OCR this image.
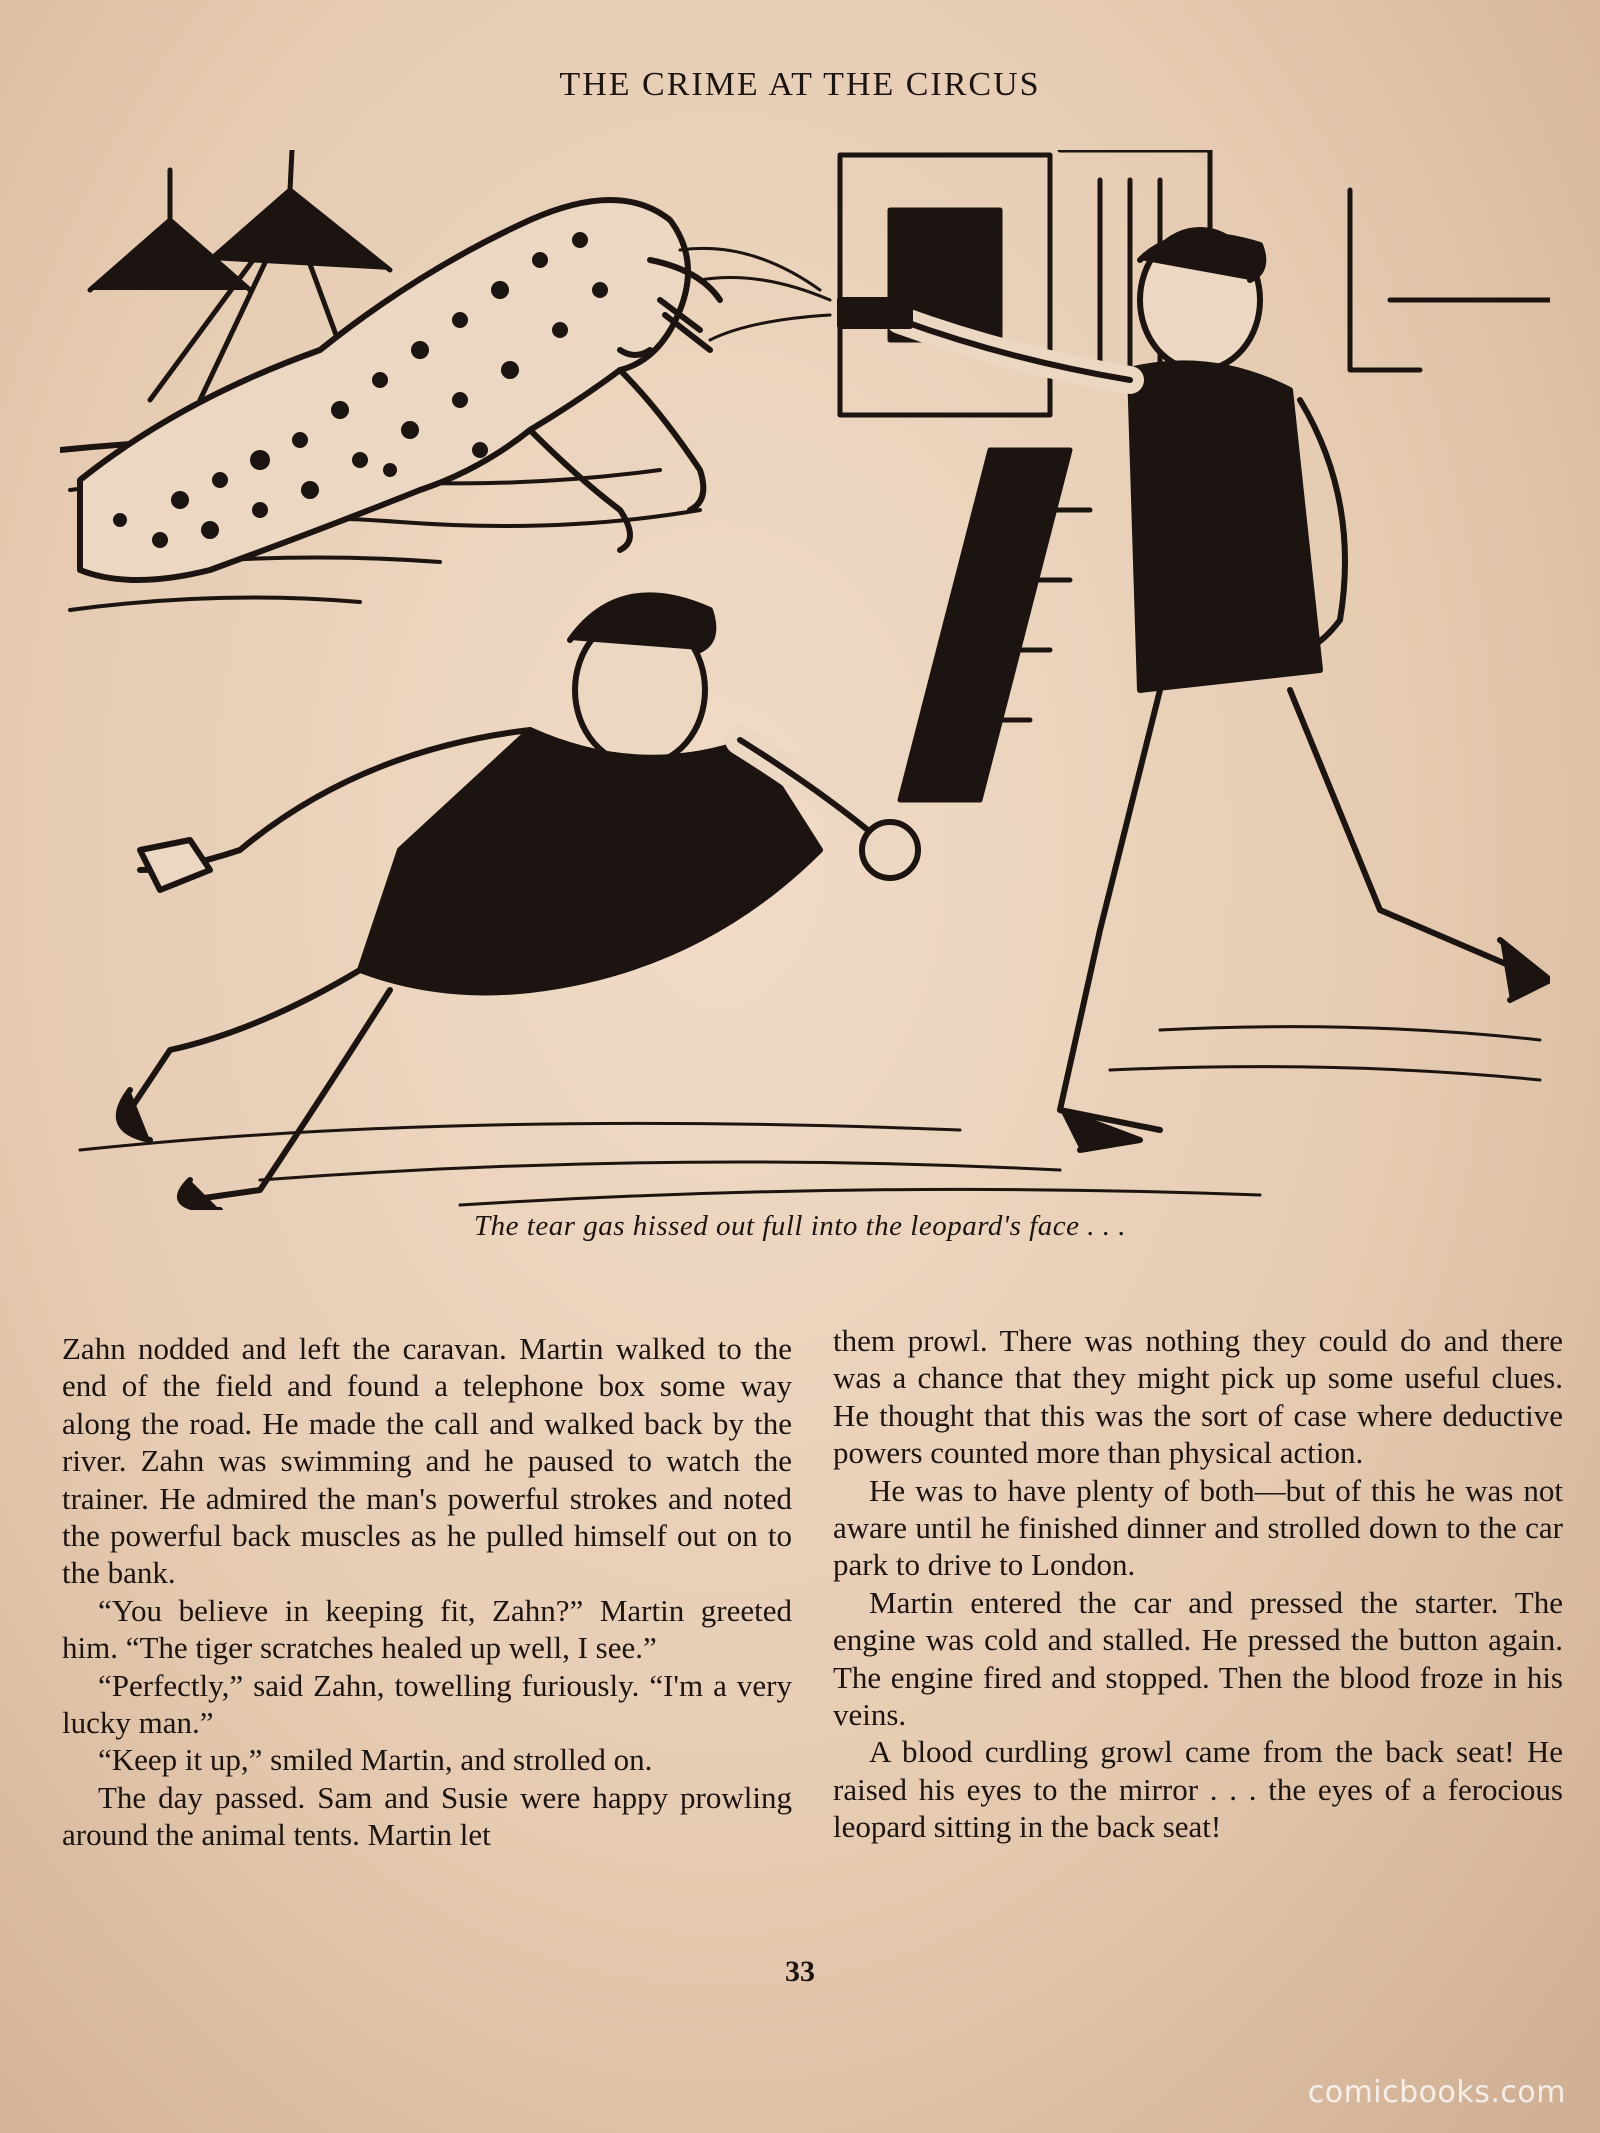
THE CRIME AT THE CIRCUS
The tear gas hissed out full into the leopard's face . . .

Zahn nodded and left the caravan. Martin walked to the end of the field and found a telephone box some way along the road. He made the call and walked back by the river. Zahn was swimming and he paused to watch the trainer. He admired the man's powerful strokes and noted the powerful back muscles as he pulled himself out on to the bank.

“You believe in keeping fit, Zahn?” Martin greeted him. “The tiger scratches healed up well, I see.”

“Perfectly,” said Zahn, towelling furiously. “I'm a very lucky man.”

“Keep it up,” smiled Martin, and strolled on.

The day passed. Sam and Susie were happy prowling around the animal tents. Martin let

them prowl. There was nothing they could do and there was a chance that they might pick up some useful clues. He thought that this was the sort of case where deductive powers counted more than physical action.

He was to have plenty of both—but of this he was not aware until he finished dinner and strolled down to the car park to drive to London.

Martin entered the car and pressed the starter. The engine was cold and stalled. He pressed the button again. The engine fired and stopped. Then the blood froze in his veins.

A blood curdling growl came from the back seat! He raised his eyes to the mirror . . . the eyes of a ferocious leopard sitting in the back seat!

33
comicbooks.com
